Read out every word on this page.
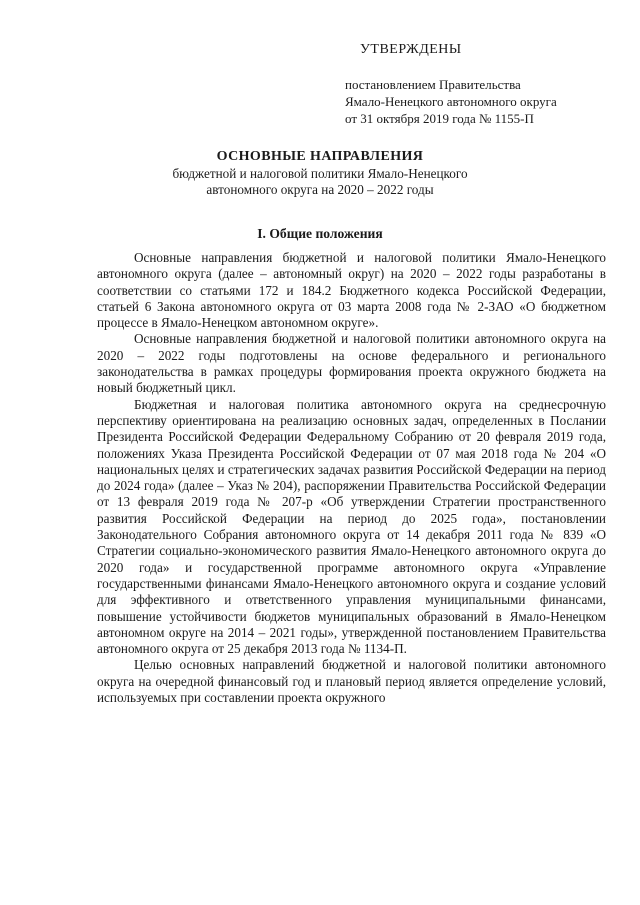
УТВЕРЖДЕНЫ
постановлением Правительства
Ямало-Ненецкого автономного округа
от 31 октября 2019 года № 1155-П
ОСНОВНЫЕ НАПРАВЛЕНИЯ
бюджетной и налоговой политики Ямало-Ненецкого
автономного округа на 2020 – 2022 годы
I. Общие положения

Основные направления бюджетной и налоговой политики Ямало-Ненецкого автономного округа (далее – автономный округ) на 2020 – 2022 годы разработаны в соответствии со статьями 172 и 184.2 Бюджетного кодекса Российской Федерации, статьей 6 Закона автономного округа от 03 марта 2008 года № 2-ЗАО «О бюджетном процессе в Ямало-Ненецком автономном округе».

Основные направления бюджетной и налоговой политики автономного округа на 2020 – 2022 годы подготовлены на основе федерального и регионального законодательства в рамках процедуры формирования проекта окружного бюджета на новый бюджетный цикл.

Бюджетная и налоговая политика автономного округа на среднесрочную перспективу ориентирована на реализацию основных задач, определенных в Послании Президента Российской Федерации Федеральному Собранию от 20 февраля 2019 года, положениях Указа Президента Российской Федерации от 07 мая 2018 года № 204 «О национальных целях и стратегических задачах развития Российской Федерации на период до 2024 года» (далее – Указ № 204), распоряжении Правительства Российской Федерации от 13 февраля 2019 года № 207-р «Об утверждении Стратегии пространственного развития Российской Федерации на период до 2025 года», постановлении Законодательного Собрания автономного округа от 14 декабря 2011 года № 839 «О Стратегии социально-экономического развития Ямало-Ненецкого автономного округа до 2020 года» и государственной программе автономного округа «Управление государственными финансами Ямало-Ненецкого автономного округа и создание условий для эффективного и ответственного управления муниципальными финансами, повышение устойчивости бюджетов муниципальных образований в Ямало-Ненецком автономном округе на 2014 – 2021 годы», утвержденной постановлением Правительства автономного округа от 25 декабря 2013 года № 1134-П.

Целью основных направлений бюджетной и налоговой политики автономного округа на очередной финансовый год и плановый период является определение условий, используемых при составлении проекта окружного
